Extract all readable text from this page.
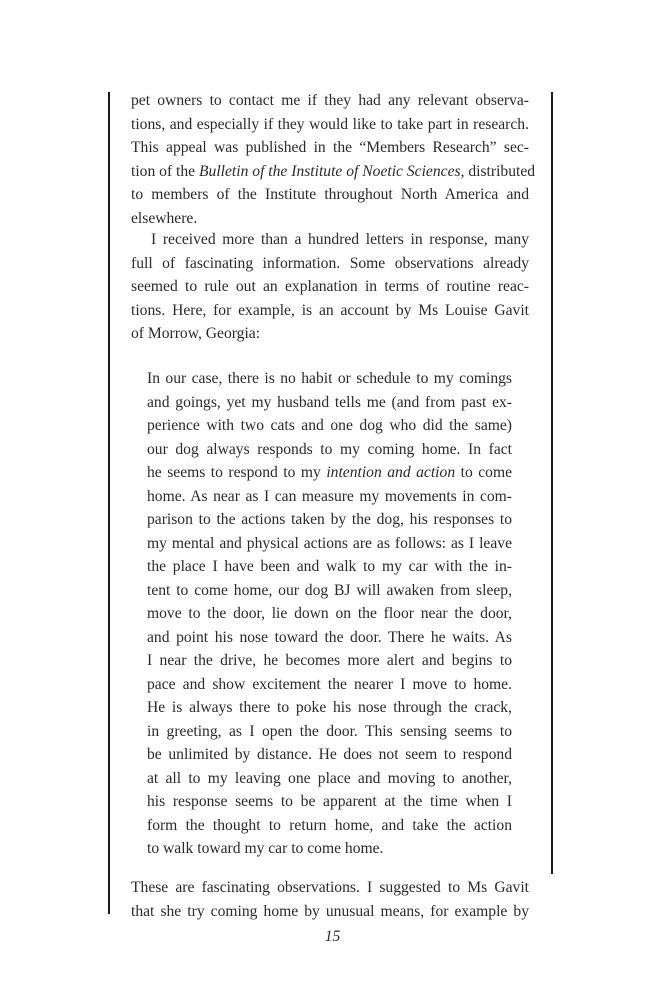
pet owners to contact me if they had any relevant observa-
tions, and especially if they would like to take part in research.
This appeal was published in the “Members Research” sec-
tion of the Bulletin of the Institute of Noetic Sciences, distributed
to members of the Institute throughout North America and
elsewhere.
I received more than a hundred letters in response, many
full of fascinating information. Some observations already
seemed to rule out an explanation in terms of routine reac-
tions. Here, for example, is an account by Ms Louise Gavit
of Morrow, Georgia:
In our case, there is no habit or schedule to my comings
and goings, yet my husband tells me (and from past ex-
perience with two cats and one dog who did the same)
our dog always responds to my coming home. In fact
he seems to respond to my intention and action to come
home. As near as I can measure my movements in com-
parison to the actions taken by the dog, his responses to
my mental and physical actions are as follows: as I leave
the place I have been and walk to my car with the in-
tent to come home, our dog BJ will awaken from sleep,
move to the door, lie down on the floor near the door,
and point his nose toward the door. There he waits. As
I near the drive, he becomes more alert and begins to
pace and show excitement the nearer I move to home.
He is always there to poke his nose through the crack,
in greeting, as I open the door. This sensing seems to
be unlimited by distance. He does not seem to respond
at all to my leaving one place and moving to another,
his response seems to be apparent at the time when I
form the thought to return home, and take the action
to walk toward my car to come home.
These are fascinating observations. I suggested to Ms Gavit
that she try coming home by unusual means, for example by
15
